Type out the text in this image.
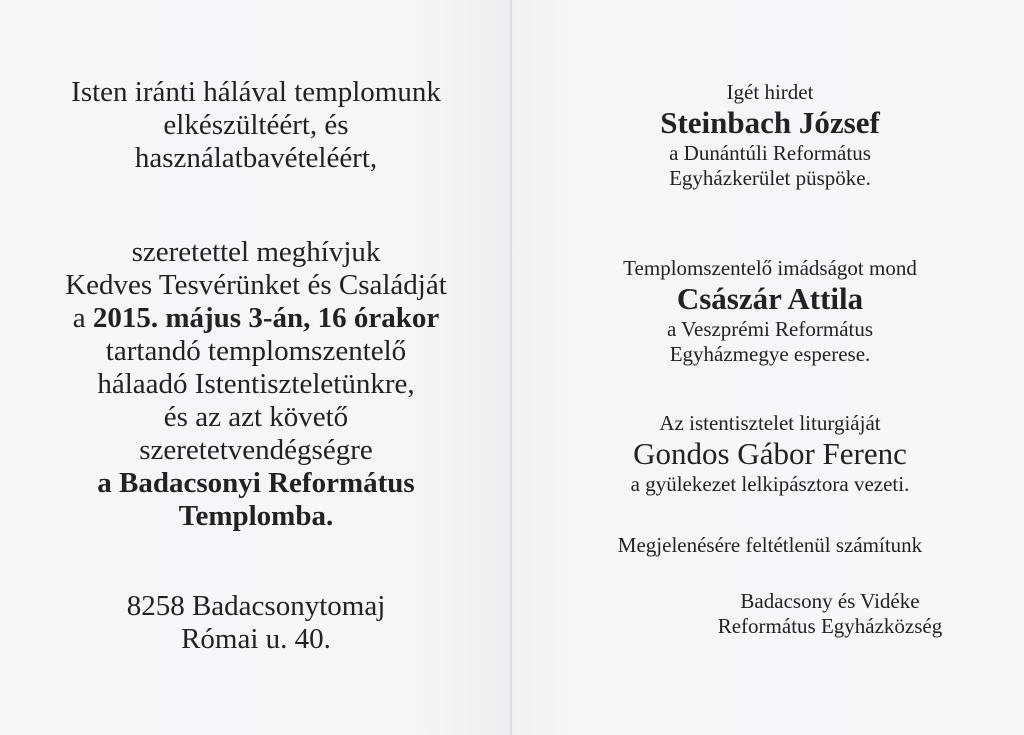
Isten iránti hálával templomunk
elkészültéért, és
használatbavételéért,
szeretettel meghívjuk
Kedves Tesvérünket és Családját
a 2015. május 3-án, 16 órakor
tartandó templomszentelő
hálaadó Istentiszteletünkre,
és az azt követő
szeretetvendégségre
a Badacsonyi Református
Templomba.
8258 Badacsonytomaj
Római u. 40.
Igét hirdet
Steinbach József
a Dunántúli Református
Egyházkerület püspöke.
Templomszentelő imádságot mond
Császár Attila
a Veszprémi Református
Egyházmegye esperese.
Az istentisztelet liturgiáját
Gondos Gábor Ferenc
a gyülekezet lelkipásztora vezeti.
Megjelenésére feltétlenül számítunk
Badacsony és Vidéke
Református Egyházközség
